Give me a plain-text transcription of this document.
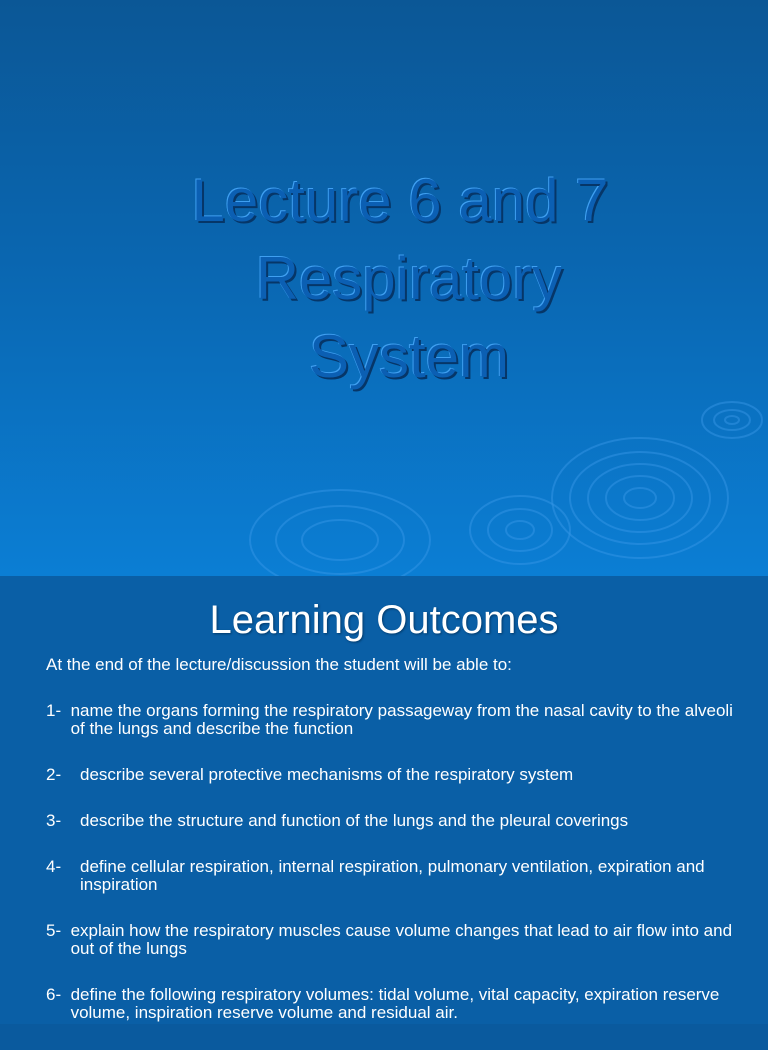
Lecture 6 and 7
Respiratory
System
Learning Outcomes
At the end of the lecture/discussion the student will be able to:
1- name the organs forming the respiratory passageway from the nasal cavity to the alveoli of the lungs and describe the function
2- describe several protective mechanisms of the respiratory system
3- describe the structure and function of the lungs and the pleural coverings
4- define cellular respiration, internal respiration, pulmonary ventilation, expiration and inspiration
5- explain how the respiratory muscles cause volume changes that lead to air flow into and out of the lungs
6- define the following respiratory volumes: tidal volume, vital capacity, expiration reserve volume, inspiration reserve volume and residual air.
